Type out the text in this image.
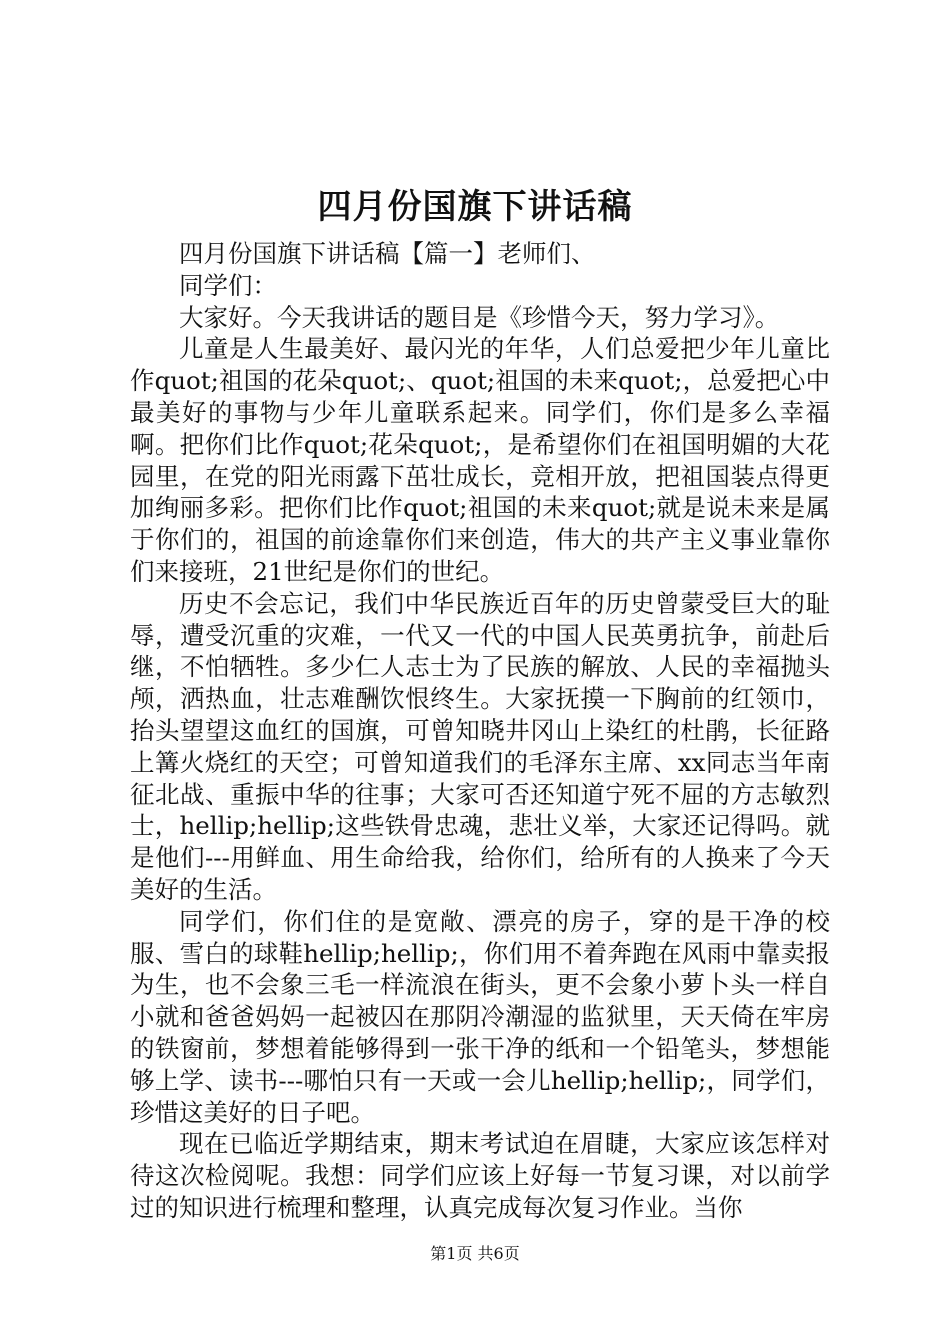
四月份国旗下讲话稿

四月份国旗下讲话稿【篇一】老师们、

同学们：

大家好。今天我讲话的题目是《珍惜今天，努力学习》。

儿童是人生最美好、最闪光的年华，人们总爱把少年儿童比作quot;祖国的花朵quot;、quot;祖国的未来quot;，总爱把心中最美好的事物与少年儿童联系起来。同学们，你们是多么幸福啊。把你们比作quot;花朵quot;，是希望你们在祖国明媚的大花园里，在党的阳光雨露下茁壮成长，竞相开放，把祖国装点得更加绚丽多彩。把你们比作quot;祖国的未来quot;就是说未来是属于你们的，祖国的前途靠你们来创造，伟大的共产主义事业靠你们来接班，21世纪是你们的世纪。

历史不会忘记，我们中华民族近百年的历史曾蒙受巨大的耻辱，遭受沉重的灾难，一代又一代的中国人民英勇抗争，前赴后继，不怕牺牲。多少仁人志士为了民族的解放、人民的幸福抛头颅，洒热血，壮志难酬饮恨终生。大家抚摸一下胸前的红领巾，抬头望望这血红的国旗，可曾知晓井冈山上染红的杜鹃，长征路上篝火烧红的天空；可曾知道我们的毛泽东主席、xx同志当年南征北战、重振中华的往事；大家可否还知道宁死不屈的方志敏烈士，hellip;hellip;这些铁骨忠魂，悲壮义举，大家还记得吗。就是他们---用鲜血、用生命给我，给你们，给所有的人换来了今天美好的生活。

同学们，你们住的是宽敞、漂亮的房子，穿的是干净的校服、雪白的球鞋hellip;hellip;，你们用不着奔跑在风雨中靠卖报为生，也不会象三毛一样流浪在街头，更不会象小萝卜头一样自小就和爸爸妈妈一起被囚在那阴冷潮湿的监狱里，天天倚在牢房的铁窗前，梦想着能够得到一张干净的纸和一个铅笔头，梦想能够上学、读书---哪怕只有一天或一会儿hellip;hellip;，同学们，珍惜这美好的日子吧。

现在已临近学期结束，期末考试迫在眉睫，大家应该怎样对待这次检阅呢。我想：同学们应该上好每一节复习课，对以前学过的知识进行梳理和整理，认真完成每次复习作业。当你

第1页 共6页
